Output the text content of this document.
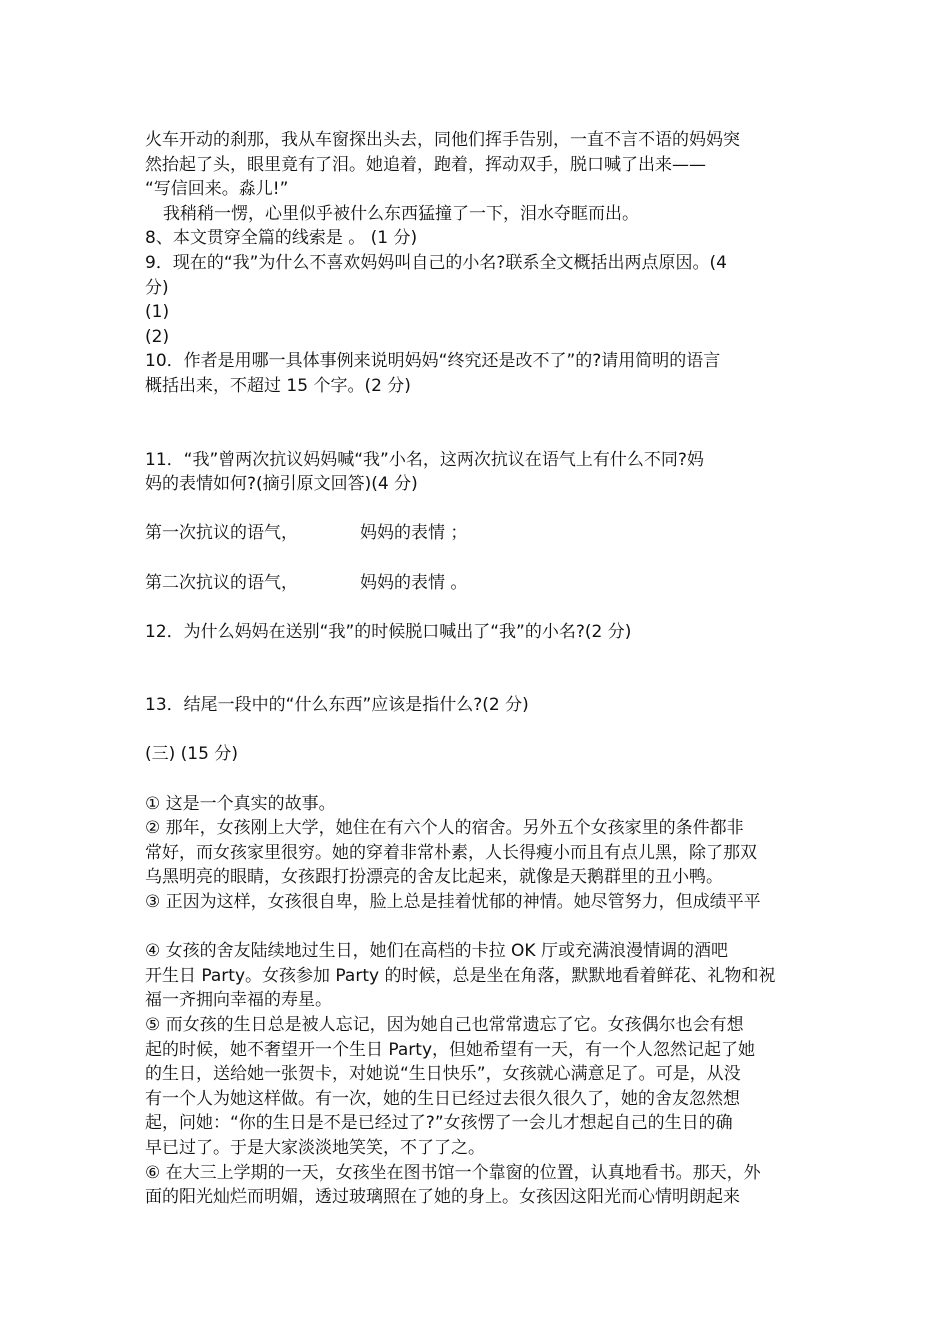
火车开动的刹那，我从车窗探出头去，同他们挥手告别，一直不言不语的妈妈突
然抬起了头，眼里竟有了泪。她追着，跑着，挥动双手，脱口喊了出来——
“写信回来。淼儿!”
我稍稍一愣，心里似乎被什么东西猛撞了一下，泪水夺眶而出。
8、本文贯穿全篇的线索是 。 (1 分)
9．现在的“我”为什么不喜欢妈妈叫自己的小名?联系全文概括出两点原因。(4
分)
(1)
(2)
10．作者是用哪一具体事例来说明妈妈“终究还是改不了”的?请用简明的语言
概括出来，不超过 15 个字。(2 分)
11．“我”曾两次抗议妈妈喊“我”小名，这两次抗议在语气上有什么不同?妈
妈的表情如何?(摘引原文回答)(4 分)
第一次抗议的语气，	妈妈的表情 ；
第二次抗议的语气，	妈妈的表情 。
12．为什么妈妈在送别“我”的时候脱口喊出了“我”的小名?(2 分)
13．结尾一段中的“什么东西”应该是指什么?(2 分)
(三) (15 分)
① 这是一个真实的故事。
② 那年，女孩刚上大学，她住在有六个人的宿舍。另外五个女孩家里的条件都非
常好，而女孩家里很穷。她的穿着非常朴素，人长得瘦小而且有点儿黑，除了那双
乌黑明亮的眼睛，女孩跟打扮漂亮的舍友比起来，就像是天鹅群里的丑小鸭。
③ 正因为这样，女孩很自卑，脸上总是挂着忧郁的神情。她尽管努力，但成绩平平
④ 女孩的舍友陆续地过生日，她们在高档的卡拉 OK 厅或充满浪漫情调的酒吧
开生日 Party。女孩参加 Party 的时候，总是坐在角落，默默地看着鲜花、礼物和祝
福一齐拥向幸福的寿星。
⑤ 而女孩的生日总是被人忘记，因为她自己也常常遗忘了它。女孩偶尔也会有想
起的时候，她不奢望开一个生日 Party，但她希望有一天，有一个人忽然记起了她
的生日，送给她一张贺卡，对她说“生日快乐”，女孩就心满意足了。可是，从没
有一个人为她这样做。有一次，她的生日已经过去很久很久了，她的舍友忽然想
起，问她：“你的生日是不是已经过了?”女孩愣了一会儿才想起自己的生日的确
早已过了。于是大家淡淡地笑笑，不了了之。
⑥ 在大三上学期的一天，女孩坐在图书馆一个靠窗的位置，认真地看书。那天，外
面的阳光灿烂而明媚，透过玻璃照在了她的身上。女孩因这阳光而心情明朗起来
